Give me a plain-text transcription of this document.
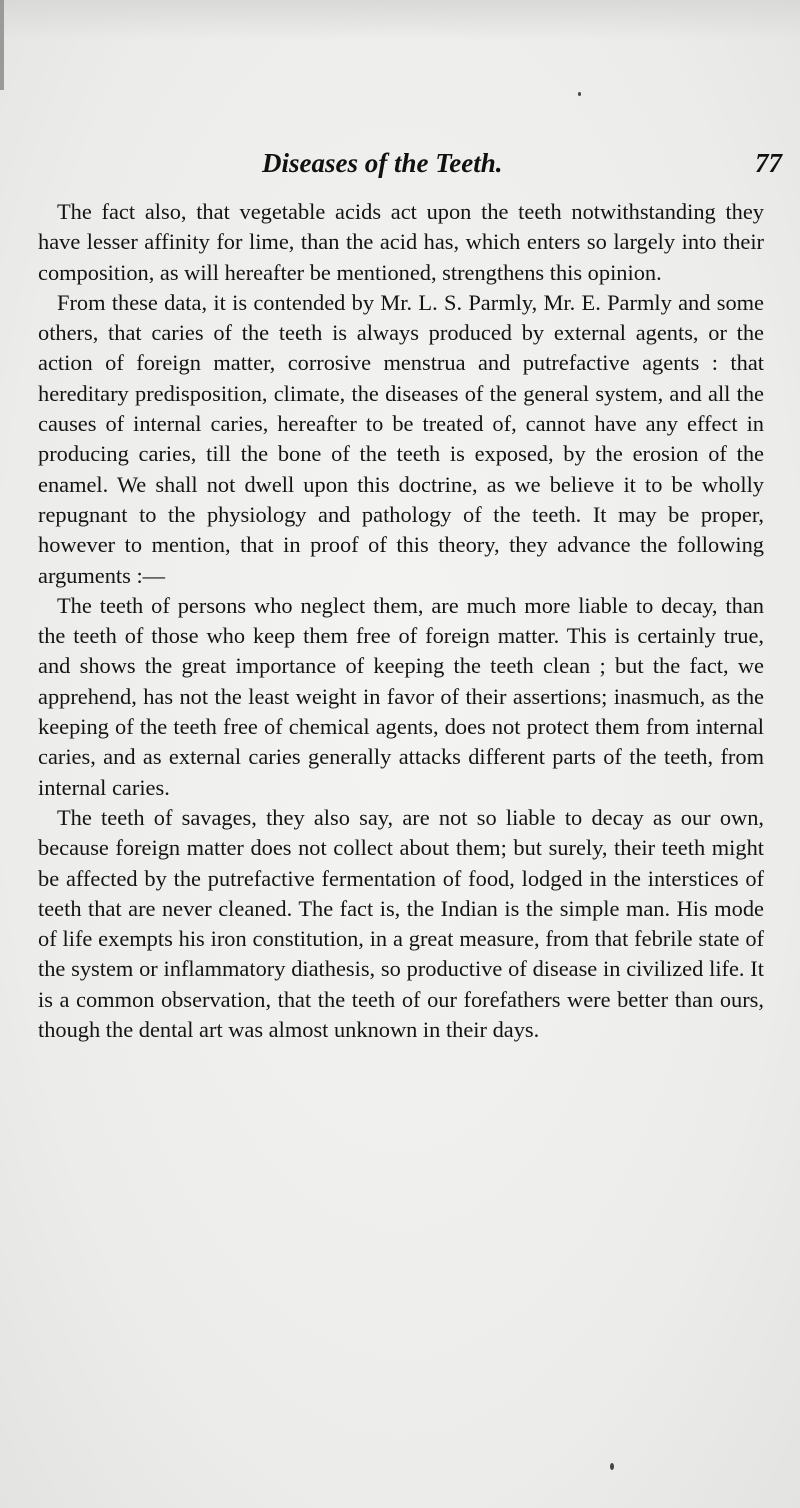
Diseases of the Teeth.	77

The fact also, that vegetable acids act upon the teeth notwithstanding they have lesser affinity for lime, than the acid has, which enters so largely into their composition, as will hereafter be mentioned, strengthens this opinion.

From these data, it is contended by Mr. L. S. Parmly, Mr. E. Parmly and some others, that caries of the teeth is always produced by external agents, or the action of foreign matter, corrosive menstrua and putrefactive agents : that hereditary predisposition, climate, the diseases of the general system, and all the causes of internal caries, hereafter to be treated of, cannot have any effect in producing caries, till the bone of the teeth is exposed, by the erosion of the enamel. We shall not dwell upon this doctrine, as we believe it to be wholly repugnant to the physiology and pathology of the teeth. It may be proper, however to mention, that in proof of this theory, they advance the following arguments :—

The teeth of persons who neglect them, are much more liable to decay, than the teeth of those who keep them free of foreign matter. This is certainly true, and shows the great importance of keeping the teeth clean ; but the fact, we apprehend, has not the least weight in favor of their assertions; inasmuch, as the keeping of the teeth free of chemical agents, does not protect them from internal caries, and as external caries generally attacks different parts of the teeth, from internal caries.

The teeth of savages, they also say, are not so liable to decay as our own, because foreign matter does not collect about them; but surely, their teeth might be affected by the putrefactive fermentation of food, lodged in the interstices of teeth that are never cleaned. The fact is, the Indian is the simple man. His mode of life exempts his iron constitution, in a great measure, from that febrile state of the system or inflammatory diathesis, so productive of disease in civilized life. It is a common observation, that the teeth of our forefathers were better than ours, though the dental art was almost unknown in their days.
